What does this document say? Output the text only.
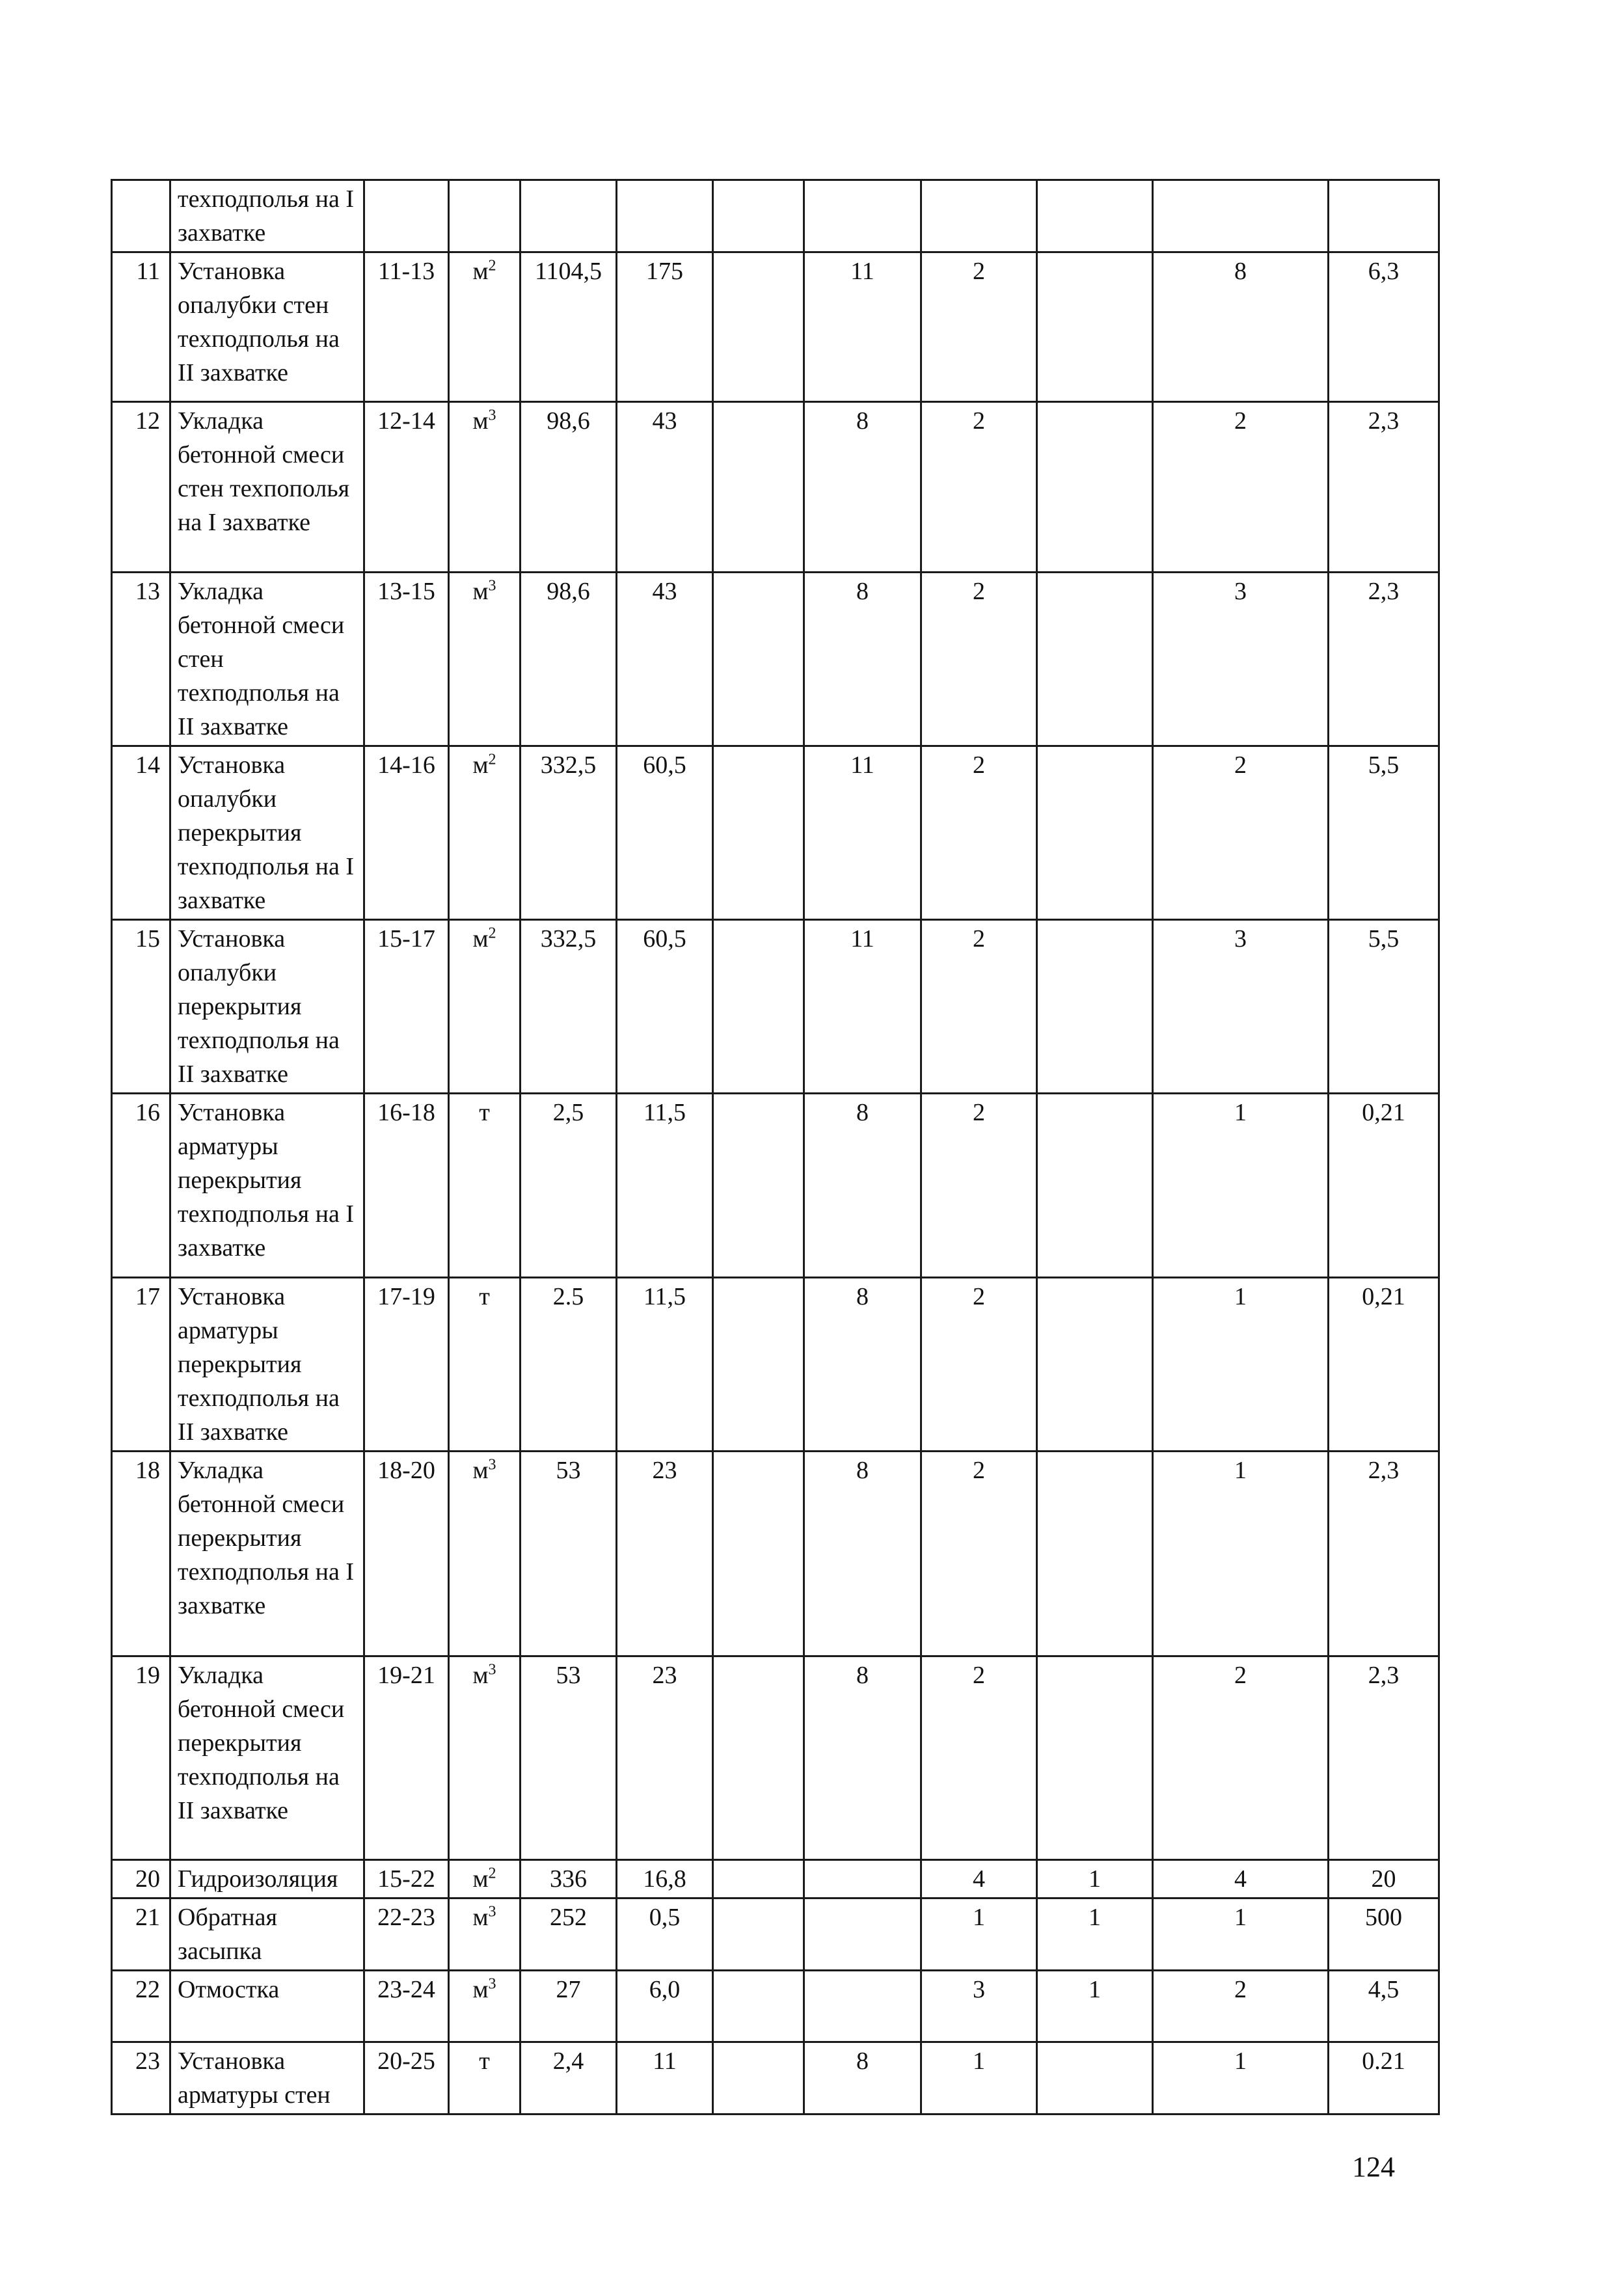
	техподполья на I захватке										
11	Установка опалубки стен техподполья на II захватке	11-13	$м^2$	1104,5	175		11	2		8	6,3
12	Укладка бетонной смеси стен техпополья на I захватке	12-14	$м^3$	98,6	43		8	2		2	2,3
13	Укладка бетонной смеси стен техподполья на II захватке	13-15	$м^3$	98,6	43		8	2		3	2,3
14	Установка опалубки перекрытия техподполья на I захватке	14-16	$м^2$	332,5	60,5		11	2		2	5,5
15	Установка опалубки перекрытия техподполья на II захватке	15-17	$м^2$	332,5	60,5		11	2		3	5,5
16	Установка арматуры перекрытия техподполья на I захватке	16-18	т	2,5	11,5		8	2		1	0,21
17	Установка арматуры перекрытия техподполья на II захватке	17-19	т	2.5	11,5		8	2		1	0,21
18	Укладка бетонной смеси перекрытия техподполья на I захватке	18-20	$м^3$	53	23		8	2		1	2,3
19	Укладка бетонной смеси перекрытия техподполья на II захватке	19-21	$м^3$	53	23		8	2		2	2,3
20	Гидроизоляция	15-22	$м^2$	336	16,8			4	1	4	20
21	Обратная засыпка	22-23	$м^3$	252	0,5			1	1	1	500
22	Отмостка	23-24	$м^3$	27	6,0			3	1	2	4,5
23	Установка арматуры стен	20-25	т	2,4	11		8	1		1	0.21
124
